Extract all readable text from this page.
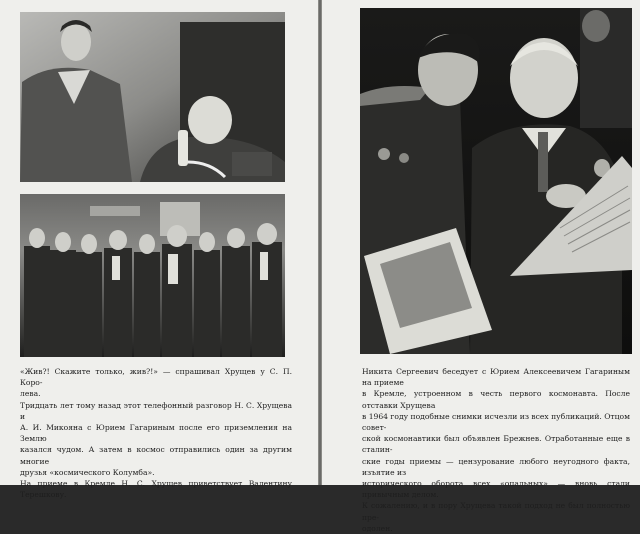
«Жив?! Скажите только, жив?!» — спрашивал Хрущев у С. П. Коро-

лева.

Тридцать лет тому назад этот телефонный разговор Н. С. Хрущева и

А. И. Микояна с Юрием Гагариным после его приземления на Землю

казался чудом. А затем в космос отправились один за другим многие

друзья «космического Колумба».

На приеме в Кремле Н. С. Хрущев приветствует Валентину Терешкову.

Никита Сергеевич беседует с Юрием Алексеевичем Гагариным на приеме

в Кремле, устроенном в честь первого космонавта. После отставки Хрущева

в 1964 году подобные снимки исчезли из всех публикаций. Отцом совет-

ской космонавтики был объявлен Брежнев. Отработанные еще в сталин-

ские годы приемы — цензурование любого неугодного факта, изъятие из

исторического оборота всех «опальных» — вновь стали привычным делом.

К сожалению, и в пору Хрущева такой подход не был полностью пре-

одолен.
